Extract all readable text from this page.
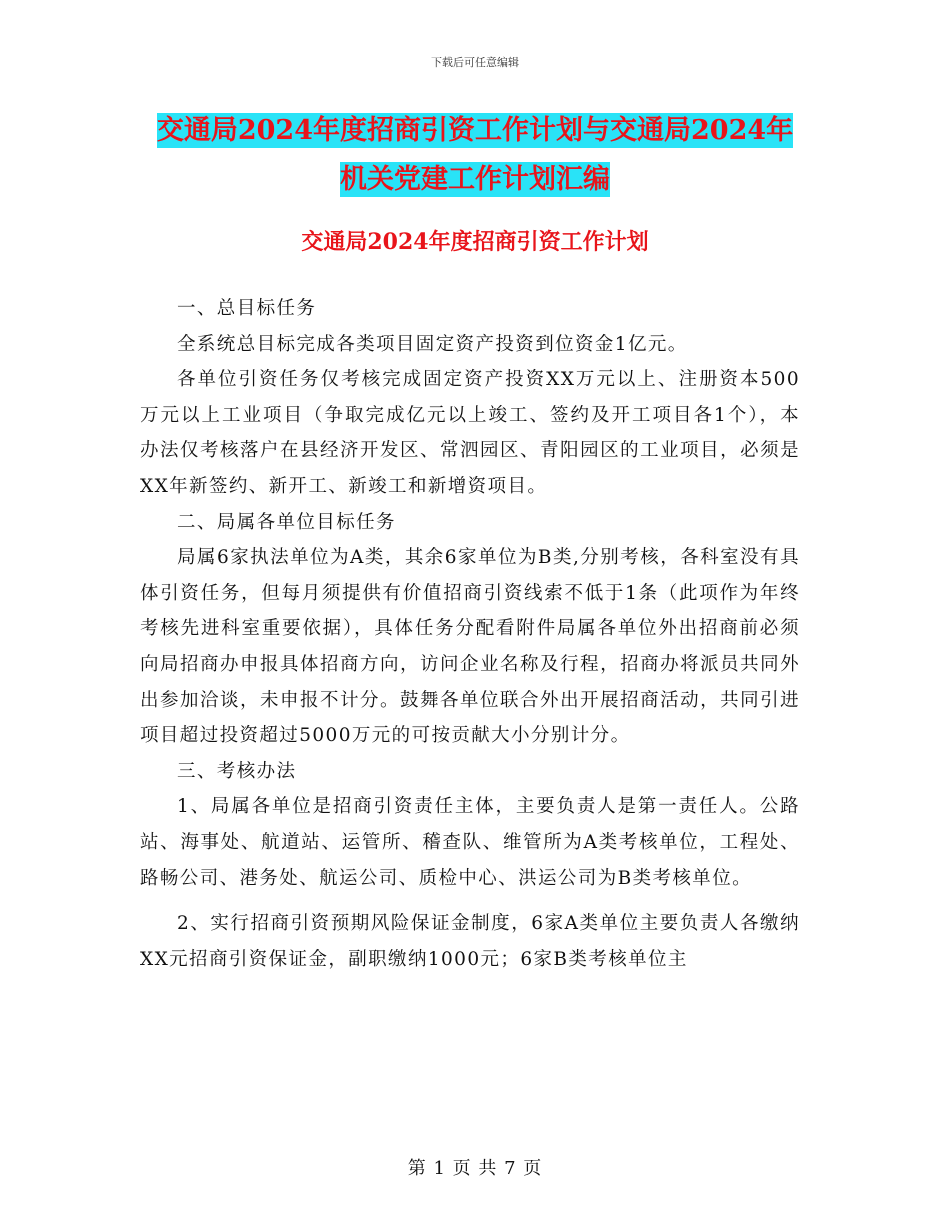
下载后可任意编辑
交通局2024年度招商引资工作计划与交通局2024年
机关党建工作计划汇编
交通局2024年度招商引资工作计划

一、总目标任务

全系统总目标完成各类项目固定资产投资到位资金1亿元。

各单位引资任务仅考核完成固定资产投资XX万元以上、注册资本500万元以上工业项目（争取完成亿元以上竣工、签约及开工项目各1个），本办法仅考核落户在县经济开发区、常泗园区、青阳园区的工业项目，必须是XX年新签约、新开工、新竣工和新增资项目。

二、局属各单位目标任务

局属6家执法单位为A类，其余6家单位为B类,分别考核，各科室没有具体引资任务，但每月须提供有价值招商引资线索不低于1条（此项作为年终考核先进科室重要依据），具体任务分配看附件局属各单位外出招商前必须向局招商办申报具体招商方向，访问企业名称及行程，招商办将派员共同外出参加洽谈，未申报不计分。鼓舞各单位联合外出开展招商活动，共同引进项目超过投资超过5000万元的可按贡献大小分别计分。

三、考核办法

1、局属各单位是招商引资责任主体，主要负责人是第一责任人。公路站、海事处、航道站、运管所、稽查队、维管所为A类考核单位，工程处、路畅公司、港务处、航运公司、质检中心、洪运公司为B类考核单位。

2、实行招商引资预期风险保证金制度，6家A类单位主要负责人各缴纳XX元招商引资保证金，副职缴纳1000元；6家B类考核单位主

第 1 页 共 7 页
